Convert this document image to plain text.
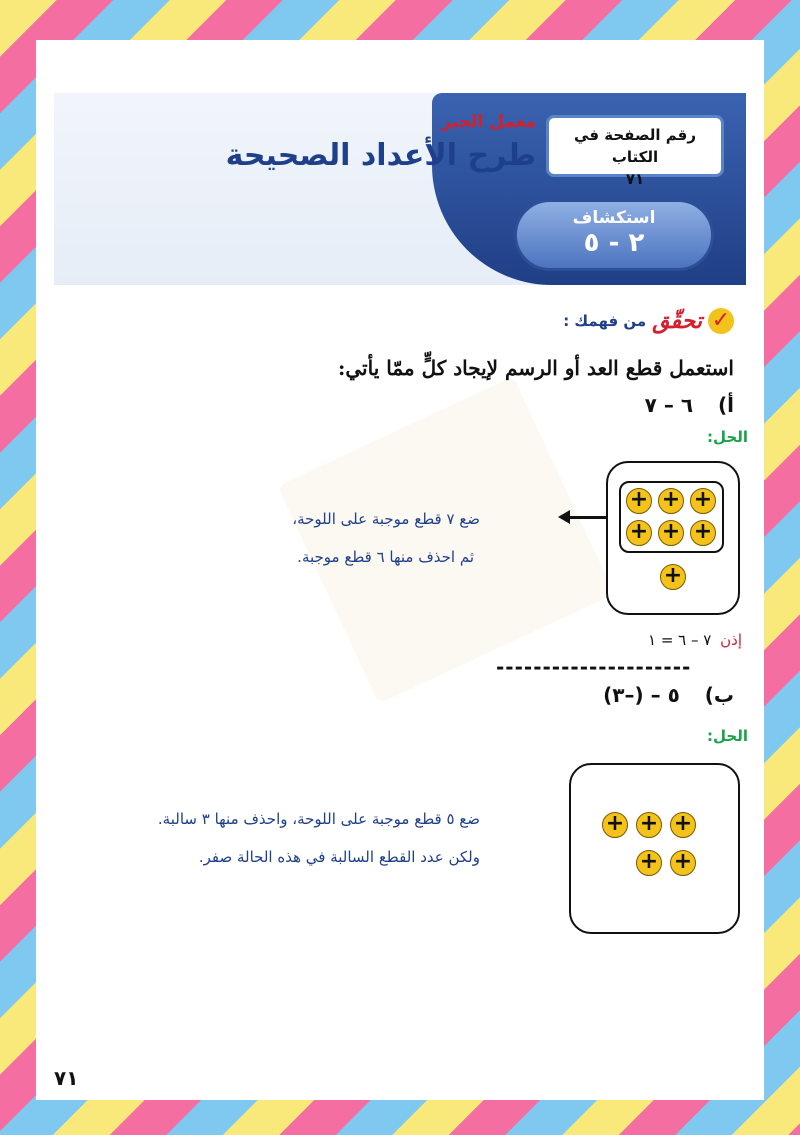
رقم الصفحة في الكتاب
٧١
استكشاف
٢ - ٥
معمل الجبر
طرح الأعداد الصحيحة
✓
تحقّق
من فهمك :
استعمل قطع العد أو الرسم لإيجاد كلٍّ ممّا يأتي:
أ) ٦ – ٧
الحل:
ضع ٧ قطع موجبة على اللوحة،
ثم احذف منها ٦ قطع موجبة.
+ + +
+ + +
+
إذن ٧ – ٦ = ١
---------------------
ب) ٥ – (–٣)
الحل:
ضع ٥ قطع موجبة على اللوحة، واحذف منها ٣ سالبة.
ولكن عدد القطع السالبة في هذه الحالة صفر.
+ + +
+ +
٧١
